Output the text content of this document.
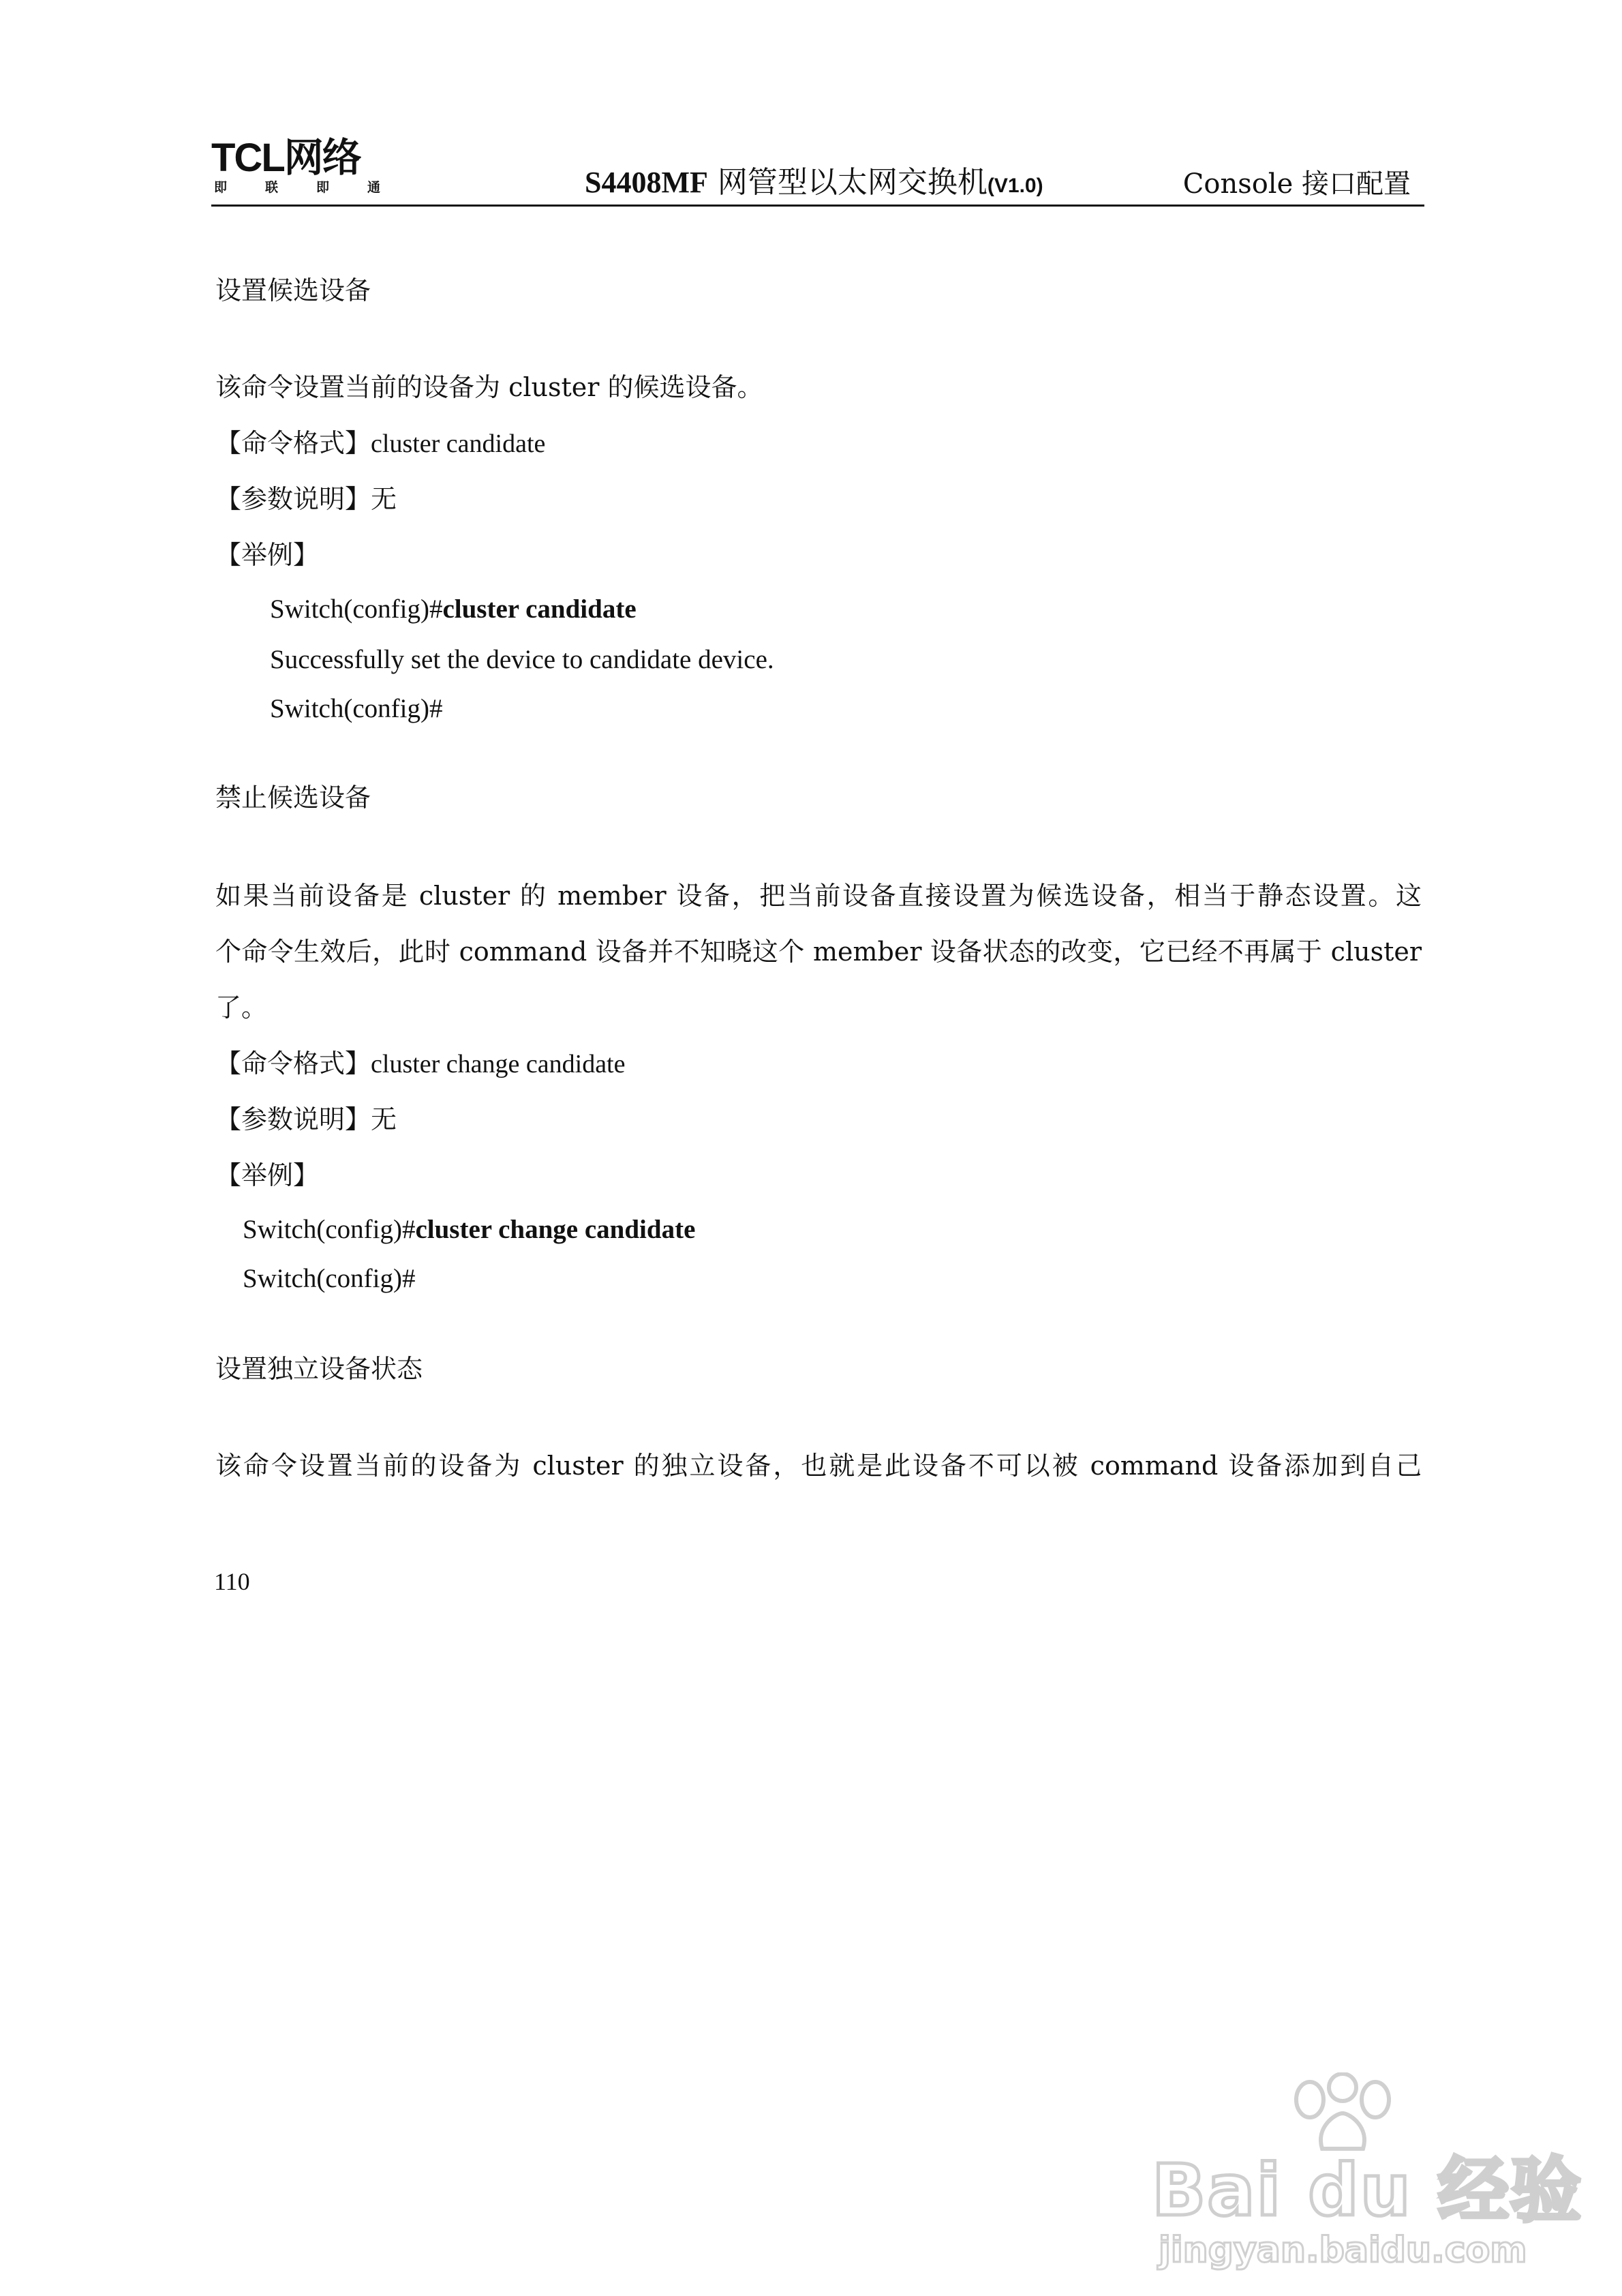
TCL网络
即	联	即	通	S4408MF 网管型以太网交换机(V1.0)	Console 接口配置
设置候选设备
该命令设置当前的设备为 cluster 的候选设备。
【命令格式】cluster candidate
【参数说明】无
【举例】
Switch(config)#cluster candidate
Successfully set the device to candidate device.
Switch(config)#
禁止候选设备
如果当前设备是 cluster 的 member 设备，把当前设备直接设置为候选设备，相当于静态设置。这
个命令生效后，此时 command 设备并不知晓这个 member 设备状态的改变，它已经不再属于 cluster
了。
【命令格式】cluster change candidate
【参数说明】无
【举例】
Switch(config)#cluster change candidate
Switch(config)#
设置独立设备状态
该命令设置当前的设备为 cluster 的独立设备，也就是此设备不可以被 command 设备添加到自己
110
Bai du 经验
jingyan.baidu.com
